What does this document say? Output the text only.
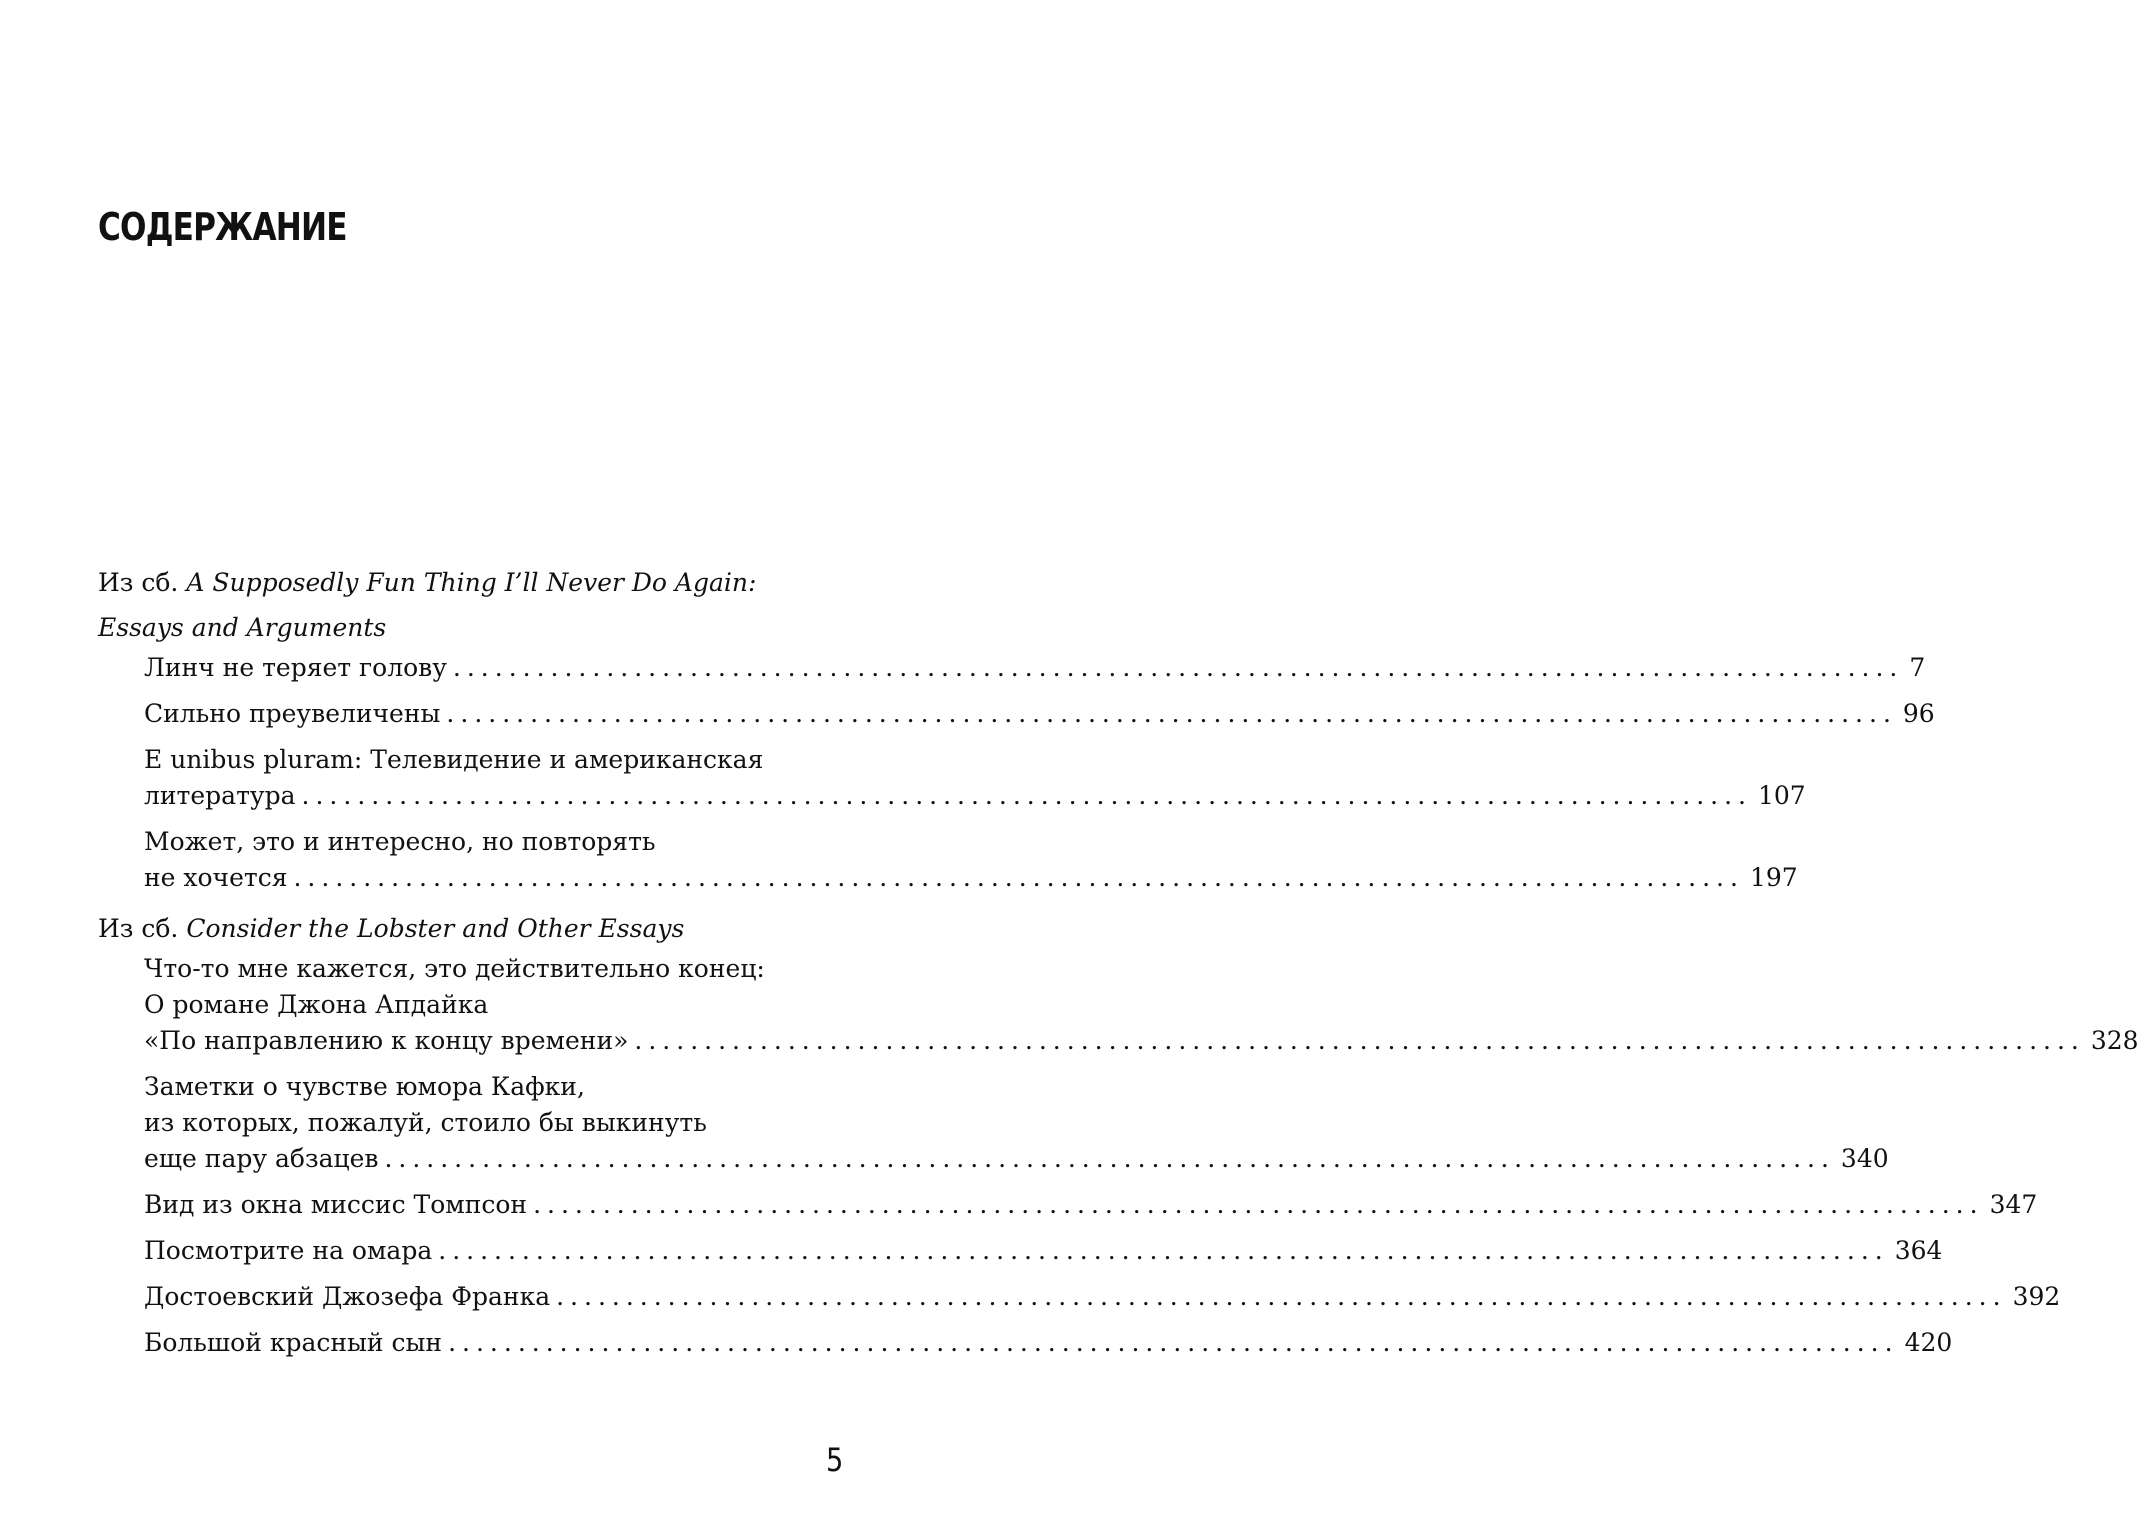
СОДЕРЖАНИЕ
Из сб. A Supposedly Fun Thing I’ll Never Do Again:
Essays and Arguments
Линч не теряет голову ........................................................................................................ 7
Сильно преувеличены ........................................................................................................ 96
E unibus pluram: Телевидение и американская
литература ........................................................................................................ 107
Может, это и интересно, но повторять
не хочется ........................................................................................................ 197
Из сб. Consider the Lobster and Other Essays
Что-то мне кажется, это действительно конец:
О романе Джона Апдайка
«По направлению к концу времени» ........................................................................................................ 328
Заметки о чувстве юмора Кафки,
из которых, пожалуй, стоило бы выкинуть
еще пару абзацев ........................................................................................................ 340
Вид из окна миссис Томпсон ........................................................................................................ 347
Посмотрите на омара ........................................................................................................ 364
Достоевский Джозефа Франка ........................................................................................................ 392
Большой красный сын ........................................................................................................ 420
5
